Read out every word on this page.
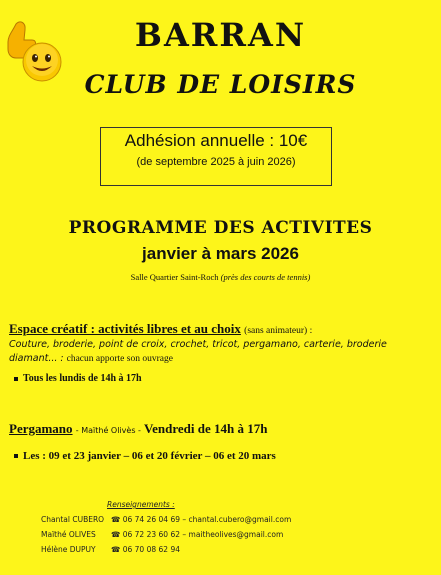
BARRAN
CLUB DE LOISIRS
Adhésion annuelle : 10€
(de septembre 2025 à juin 2026)
PROGRAMME DES ACTIVITES
janvier à mars 2026
Salle Quartier Saint-Roch (près des courts de tennis)
Espace créatif : activités libres et au choix (sans animateur) :
Couture, broderie, point de croix, crochet, tricot, pergamano, carterie, broderie diamant... : chacun apporte son ouvrage
Tous les lundis de 14h à 17h
Pergamano - Maïthé Olivès - Vendredi de 14h à 17h
Les : 09 et 23 janvier – 06 et 20 février – 06 et 20 mars
Renseignements :
Chantal CUBERO ☎ 06 74 26 04 69 – chantal.cubero@gmail.com
Maïthé OLIVES ☎ 06 72 23 60 62 – maitheolives@gmail.com
Hélène DUPUY ☎ 06 70 08 62 94
